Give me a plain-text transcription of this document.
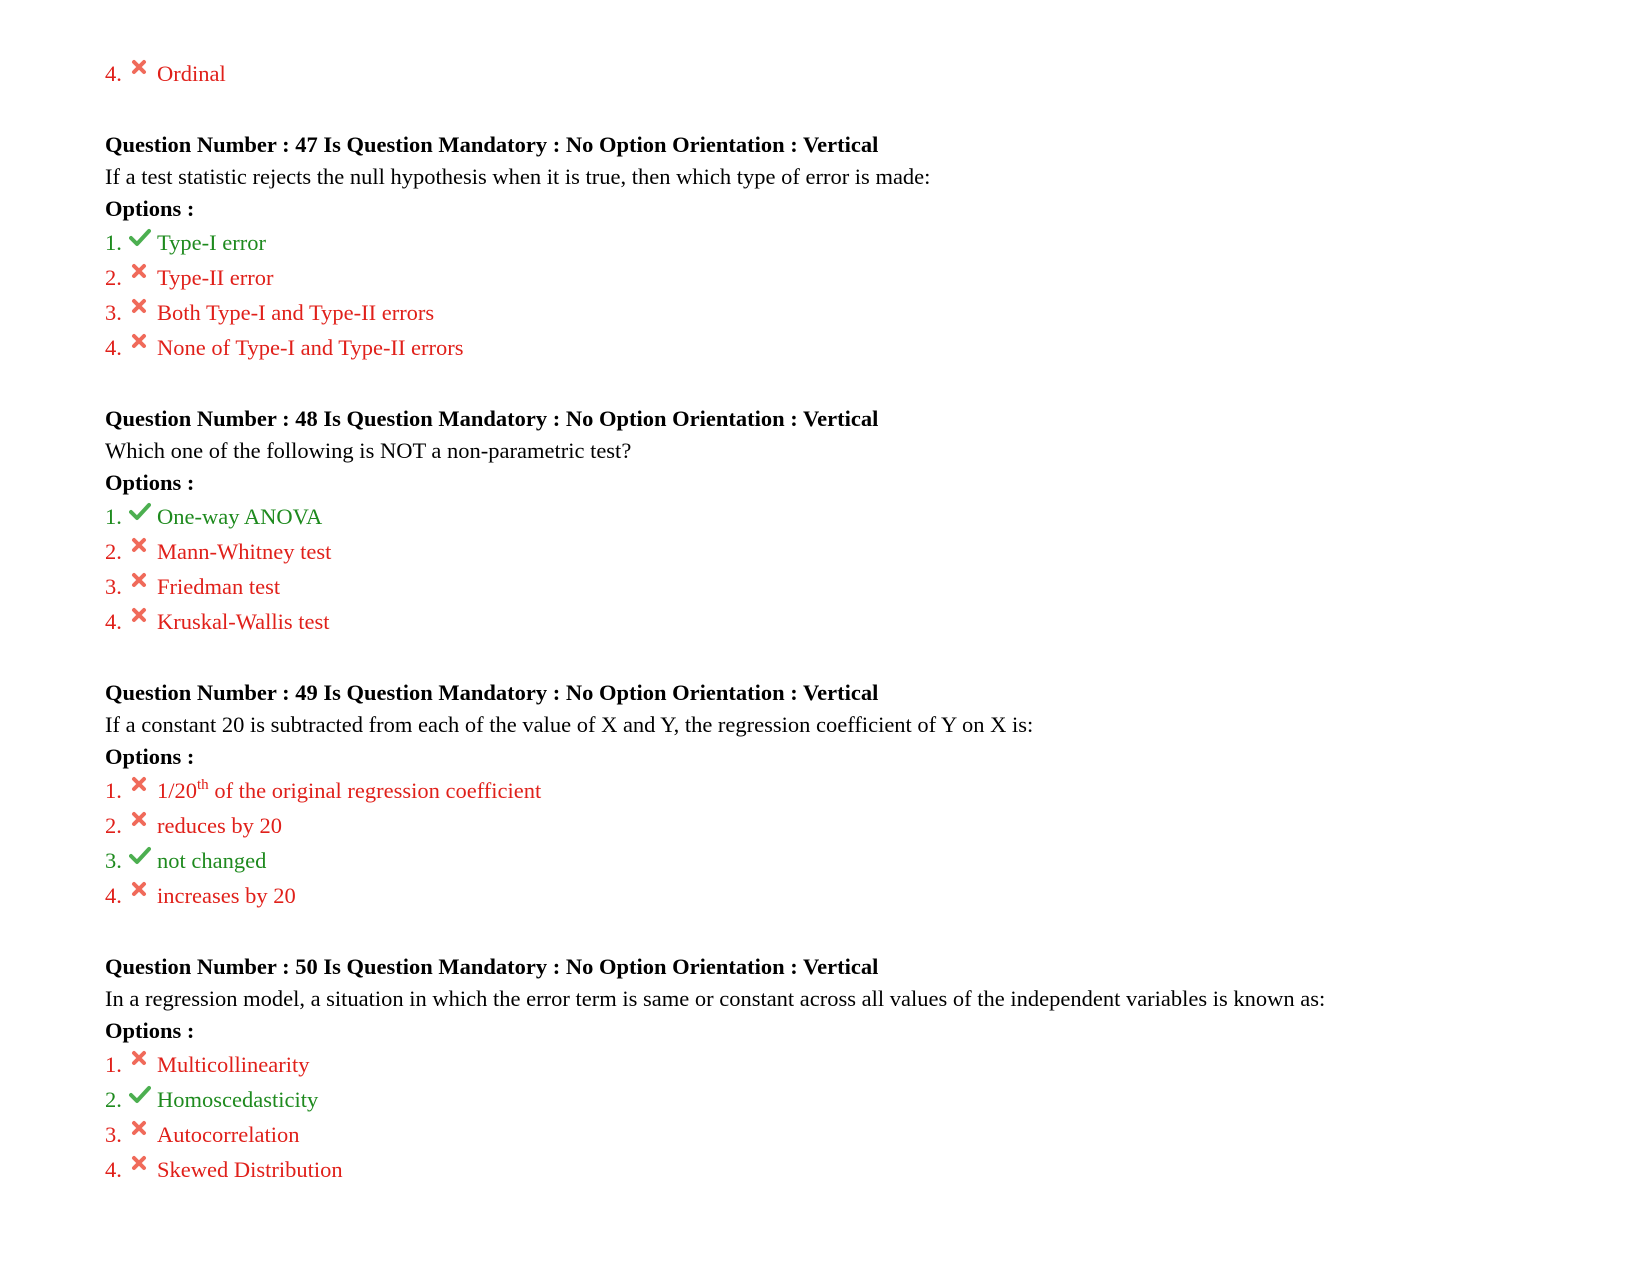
4. Ordinal
Question Number : 47 Is Question Mandatory : No Option Orientation : Vertical
If a test statistic rejects the null hypothesis when it is true, then which type of error is made:
Options :
1. Type-I error
2. Type-II error
3. Both Type-I and Type-II errors
4. None of Type-I and Type-II errors
Question Number : 48 Is Question Mandatory : No Option Orientation : Vertical
Which one of the following is NOT a non-parametric test?
Options :
1. One-way ANOVA
2. Mann-Whitney test
3. Friedman test
4. Kruskal-Wallis test
Question Number : 49 Is Question Mandatory : No Option Orientation : Vertical
If a constant 20 is subtracted from each of the value of X and Y, the regression coefficient of Y on X is:
Options :
1. 1/20th of the original regression coefficient
2. reduces by 20
3. not changed
4. increases by 20
Question Number : 50 Is Question Mandatory : No Option Orientation : Vertical
In a regression model, a situation in which the error term is same or constant across all values of the independent variables is known as:
Options :
1. Multicollinearity
2. Homoscedasticity
3. Autocorrelation
4. Skewed Distribution
